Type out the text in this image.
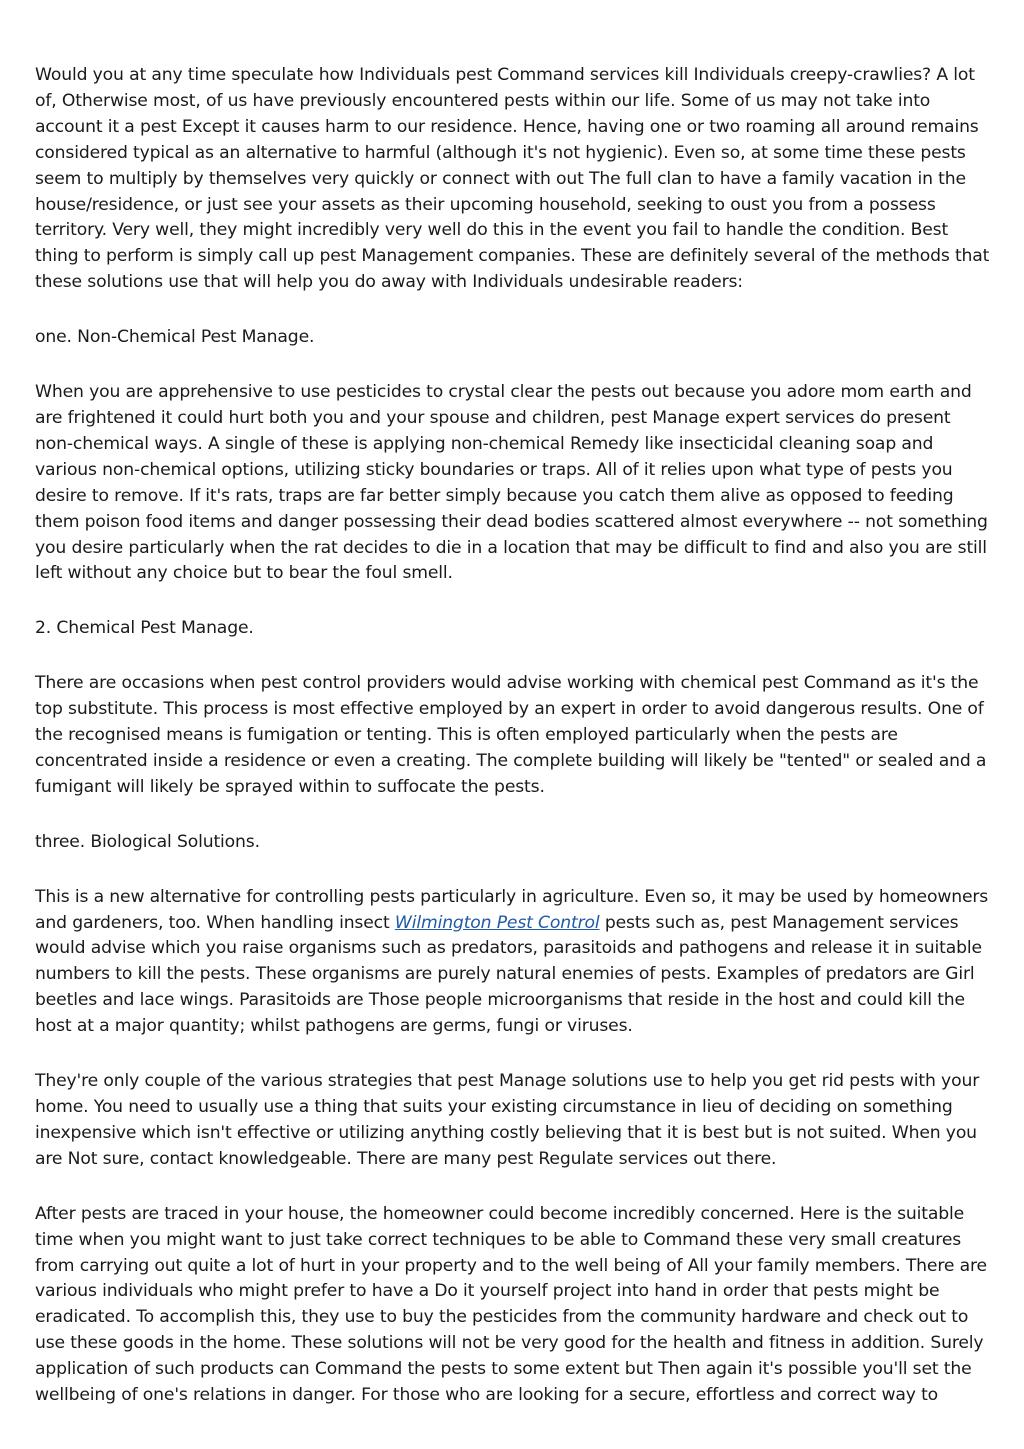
Would you at any time speculate how Individuals pest Command services kill Individuals creepy-crawlies? A lot of, Otherwise most, of us have previously encountered pests within our life. Some of us may not take into account it a pest Except it causes harm to our residence. Hence, having one or two roaming all around remains considered typical as an alternative to harmful (although it's not hygienic). Even so, at some time these pests seem to multiply by themselves very quickly or connect with out The full clan to have a family vacation in the house/residence, or just see your assets as their upcoming household, seeking to oust you from a possess territory. Very well, they might incredibly very well do this in the event you fail to handle the condition. Best thing to perform is simply call up pest Management companies. These are definitely several of the methods that these solutions use that will help you do away with Individuals undesirable readers:

one. Non-Chemical Pest Manage.

When you are apprehensive to use pesticides to crystal clear the pests out because you adore mom earth and are frightened it could hurt both you and your spouse and children, pest Manage expert services do present non-chemical ways. A single of these is applying non-chemical Remedy like insecticidal cleaning soap and various non-chemical options, utilizing sticky boundaries or traps. All of it relies upon what type of pests you desire to remove. If it's rats, traps are far better simply because you catch them alive as opposed to feeding them poison food items and danger possessing their dead bodies scattered almost everywhere -- not something you desire particularly when the rat decides to die in a location that may be difficult to find and also you are still left without any choice but to bear the foul smell.

2. Chemical Pest Manage.

There are occasions when pest control providers would advise working with chemical pest Command as it's the top substitute. This process is most effective employed by an expert in order to avoid dangerous results. One of the recognised means is fumigation or tenting. This is often employed particularly when the pests are concentrated inside a residence or even a creating. The complete building will likely be "tented" or sealed and a fumigant will likely be sprayed within to suffocate the pests.

three. Biological Solutions.

This is a new alternative for controlling pests particularly in agriculture. Even so, it may be used by homeowners and gardeners, too. When handling insect Wilmington Pest Control pests such as, pest Management services would advise which you raise organisms such as predators, parasitoids and pathogens and release it in suitable numbers to kill the pests. These organisms are purely natural enemies of pests. Examples of predators are Girl beetles and lace wings. Parasitoids are Those people microorganisms that reside in the host and could kill the host at a major quantity; whilst pathogens are germs, fungi or viruses.

They're only couple of the various strategies that pest Manage solutions use to help you get rid pests with your home. You need to usually use a thing that suits your existing circumstance in lieu of deciding on something inexpensive which isn't effective or utilizing anything costly believing that it is best but is not suited. When you are Not sure, contact knowledgeable. There are many pest Regulate services out there.

After pests are traced in your house, the homeowner could become incredibly concerned. Here is the suitable time when you might want to just take correct techniques to be able to Command these very small creatures from carrying out quite a lot of hurt in your property and to the well being of All your family members. There are various individuals who might prefer to have a Do it yourself project into hand in order that pests might be eradicated. To accomplish this, they use to buy the pesticides from the community hardware and check out to use these goods in the home. These solutions will not be very good for the health and fitness in addition. Surely application of such products can Command the pests to some extent but Then again it's possible you'll set the wellbeing of one's relations in danger. For those who are looking for a secure, effortless and correct way to
